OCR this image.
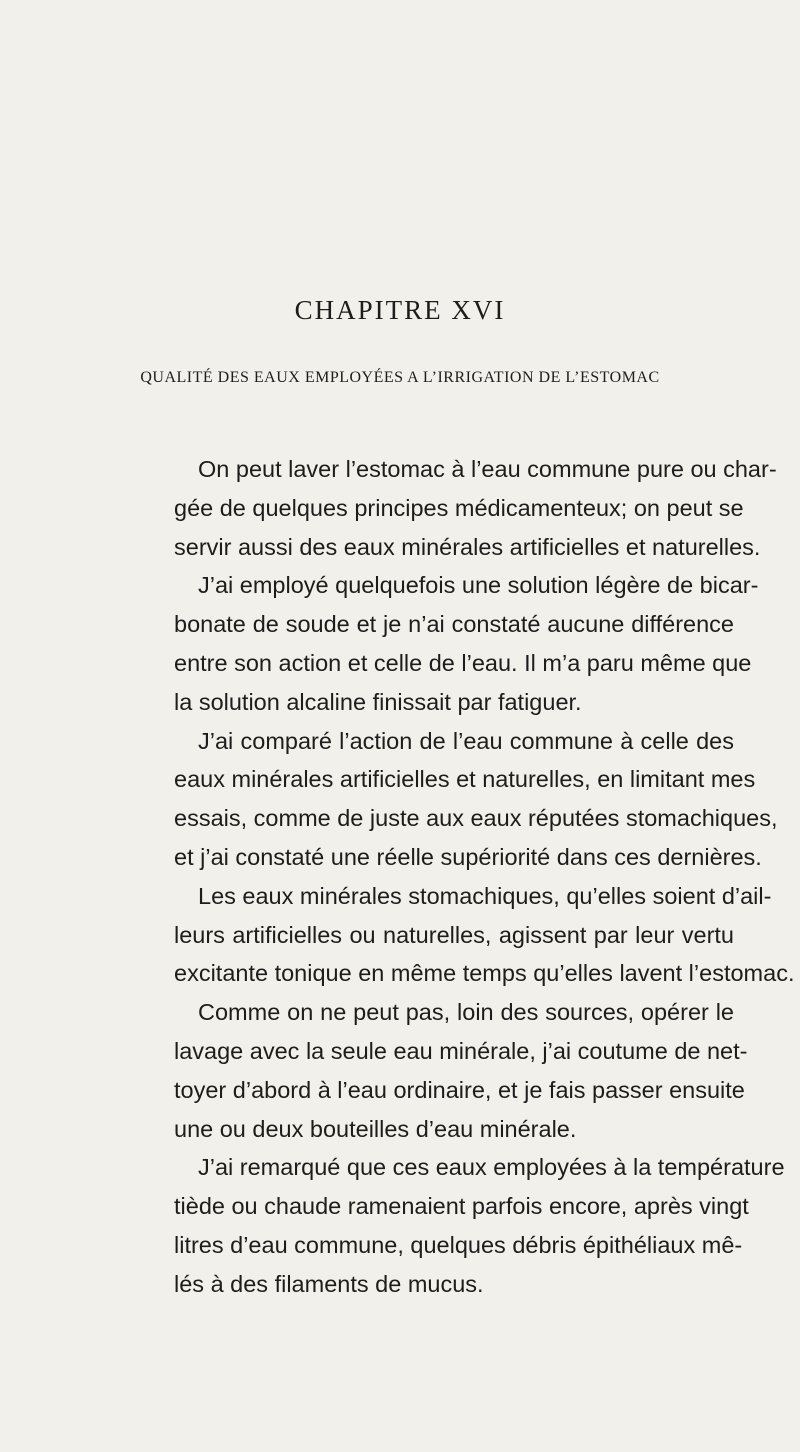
CHAPITRE XVI
QUALITÉ DES EAUX EMPLOYÉES A L’IRRIGATION DE L’ESTOMAC
On peut laver l’estomac à l’eau commune pure ou char-
gée de quelques principes médicamenteux; on peut se
servir aussi des eaux minérales artificielles et naturelles.
J’ai employé quelquefois une solution légère de bicar-
bonate de soude et je n’ai constaté aucune différence
entre son action et celle de l’eau. Il m’a paru même que
la solution alcaline finissait par fatiguer.
J’ai comparé l’action de l’eau commune à celle des
eaux minérales artificielles et naturelles, en limitant mes
essais, comme de juste aux eaux réputées stomachiques,
et j’ai constaté une réelle supériorité dans ces dernières.
Les eaux minérales stomachiques, qu’elles soient d’ail-
leurs artificielles ou naturelles, agissent par leur vertu
excitante tonique en même temps qu’elles lavent l’estomac.
Comme on ne peut pas, loin des sources, opérer le
lavage avec la seule eau minérale, j’ai coutume de net-
toyer d’abord à l’eau ordinaire, et je fais passer ensuite
une ou deux bouteilles d’eau minérale.
J’ai remarqué que ces eaux employées à la température
tiède ou chaude ramenaient parfois encore, après vingt
litres d’eau commune, quelques débris épithéliaux mê-
lés à des filaments de mucus.
